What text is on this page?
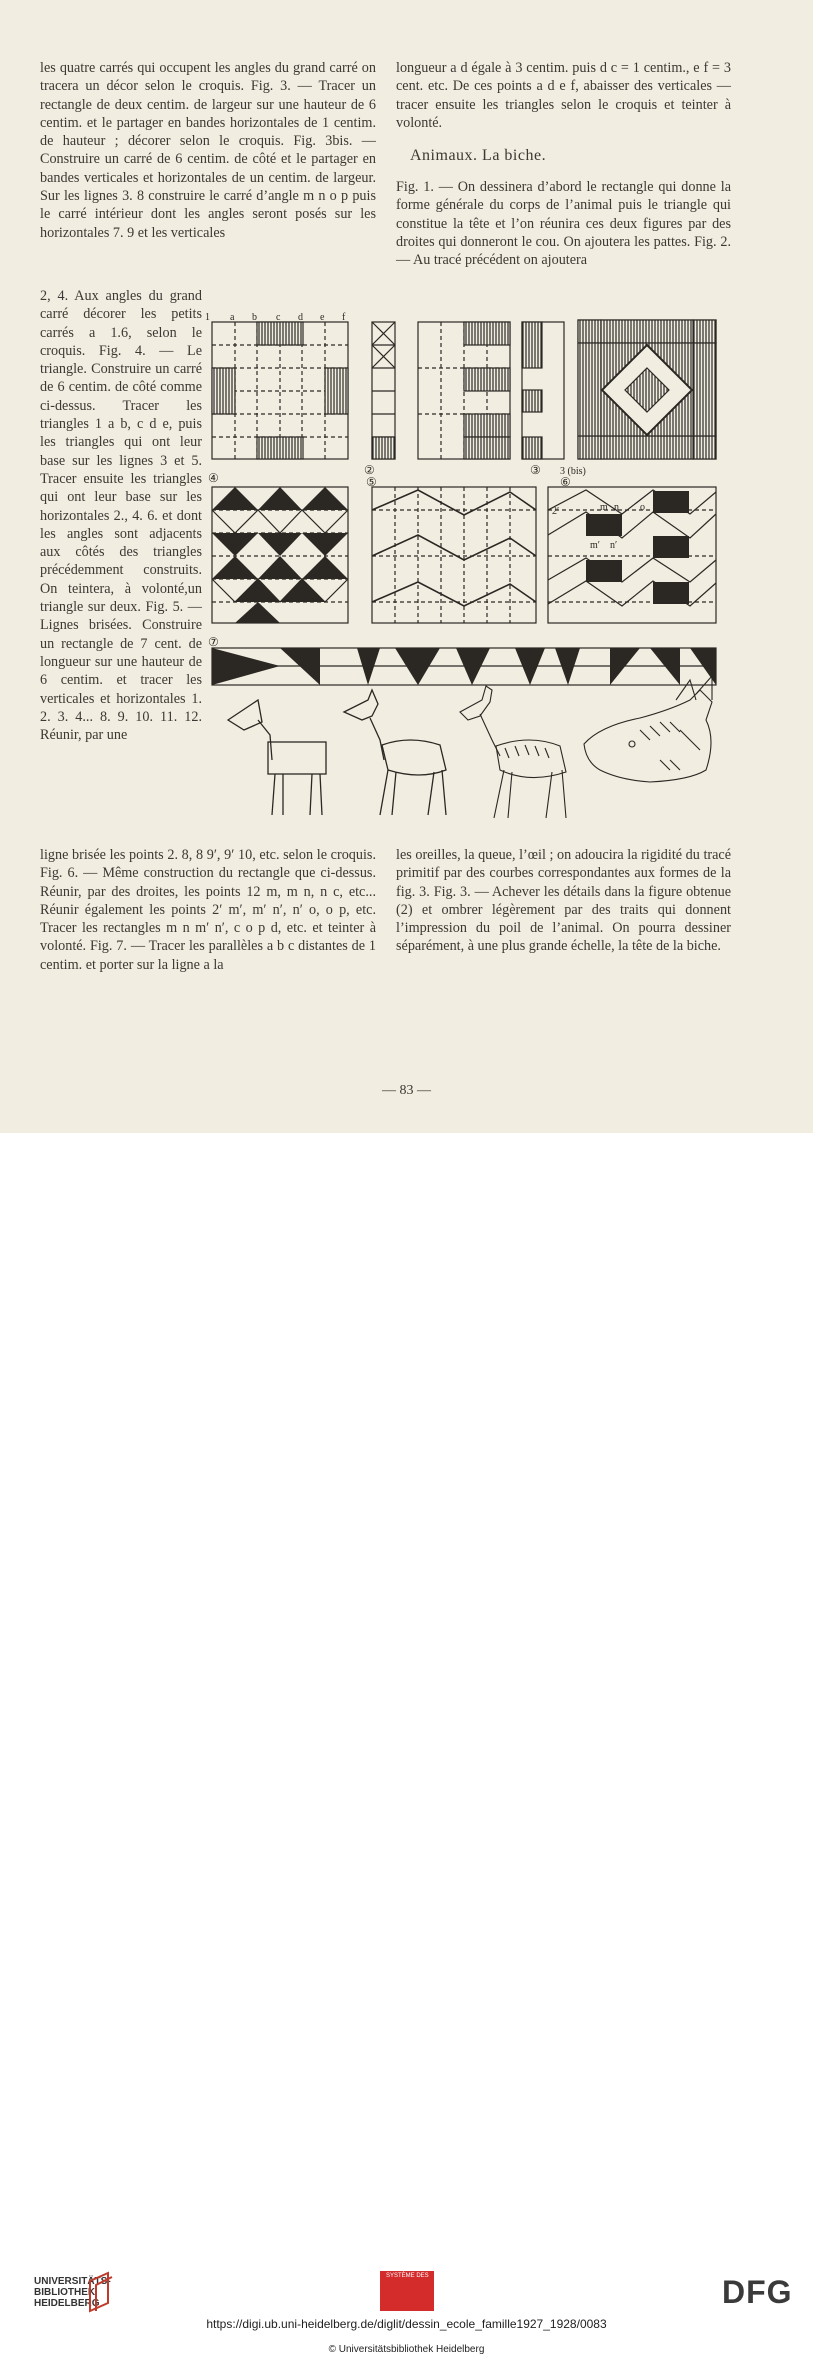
les quatre carrés qui occupent les angles du grand carré on tracera un décor selon le croquis. Fig. 3. — Tracer un rectangle de deux centim. de largeur sur une hauteur de 6 centim. et le partager en bandes horizontales de 1 centim. de hauteur ; décorer selon le croquis. Fig. 3bis. — Construire un carré de 6 centim. de côté et le partager en bandes verticales et horizontales de un centim. de largeur. Sur les lignes 3. 8 construire le carré d’angle m n o p puis le carré intérieur dont les angles seront posés sur les horizontales 7. 9 et les verticales

2, 4. Aux angles du grand carré décorer les petits carrés a 1.6, selon le croquis. Fig. 4. — Le triangle. Construire un carré de 6 centim. de côté comme ci-dessus. Tracer les triangles 1 a b, c d e, puis les triangles qui ont leur base sur les lignes 3 et 5. Tracer ensuite les triangles qui ont leur base sur les horizontales 2., 4. 6. et dont les angles sont adjacents aux côtés des triangles précédemment construits. On teintera, à volonté,un triangle sur deux. Fig. 5. — Lignes brisées. Construire un rectangle de 7 cent. de longueur sur une hauteur de 6 centim. et tracer les verticales et horizontales 1. 2. 3. 4... 8. 9. 10. 11. 12. Réunir, par une

ligne brisée les points 2. 8, 8 9′, 9′ 10, etc. selon le croquis. Fig. 6. — Même construction du rectangle que ci-dessus. Réunir, par des droites, les points 12 m, m n, n c, etc... Réunir également les points 2′ m′, m′ n′, n′ o, o p, etc. Tracer les rectangles m n m′ n′, c o p d, etc. et teinter à volonté. Fig. 7. — Tracer les parallèles a b c distantes de 1 centim. et porter sur la ligne a la

longueur a d égale à 3 centim. puis d c = 1 centim., e f = 3 cent. etc. De ces points a d e f, abaisser des verticales — tracer ensuite les triangles selon le croquis et teinter à volonté.

Animaux. La biche.

Fig. 1. — On dessinera d’abord le rectangle qui donne la forme générale du corps de l’animal puis le triangle qui constitue la tête et l’on réunira ces deux figures par des droites qui donneront le cou. On ajoutera les pattes. Fig. 2. — Au tracé précédent on ajoutera

les oreilles, la queue, l’œil ; on adoucira la rigidité du tracé primitif par des courbes correspondantes aux formes de la fig. 3. Fig. 3. — Achever les détails dans la figure obtenue (2) et ombrer légèrement par des traits qui donnent l’impression du poil de l’animal. On pourra dessiner séparément, à une plus grande échelle, la tête de la biche.

— 83 —
1 a b c d e f
②	③ 3 (bis)
④	⑤	⑥
⑦
m n o
m′ n′
2′
UNIVERSITÄTS-
BIBLIOTHEK
HEIDELBERG
SYSTÈME DES	DFG
https://digi.ub.uni-heidelberg.de/diglit/dessin_ecole_famille1927_1928/0083
© Universitätsbibliothek Heidelberg
